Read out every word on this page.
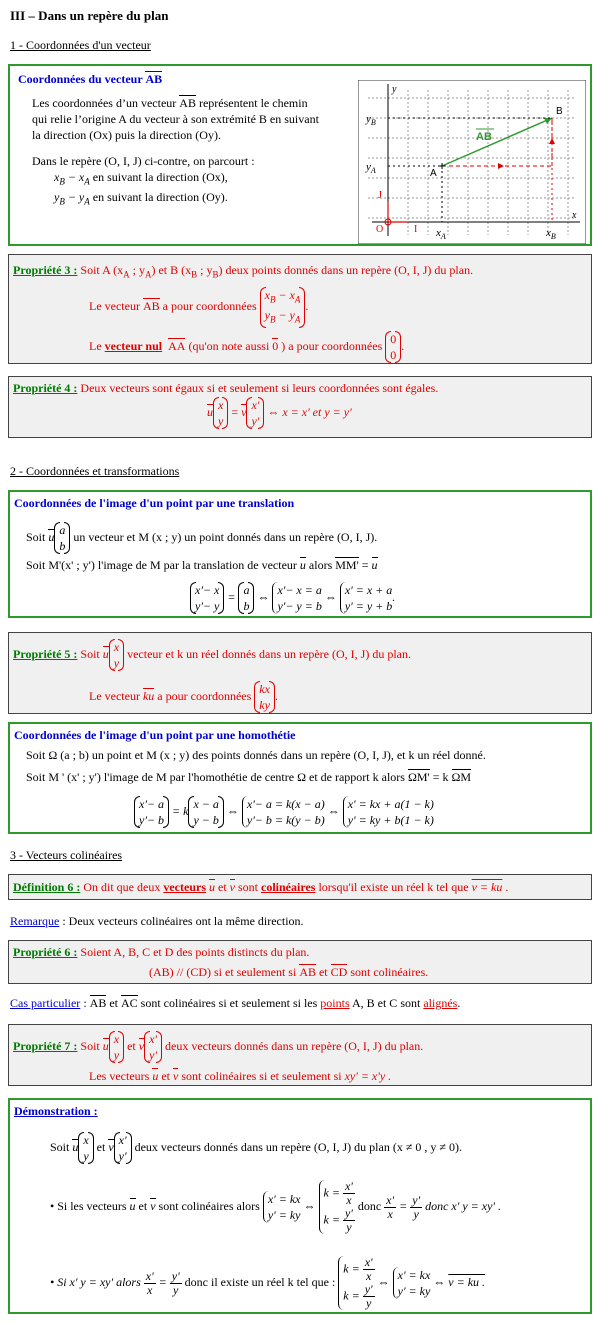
III – Dans un repère du plan
1 - Coordonnées d'un vecteur
Coordonnées du vecteur AB
Les coordonnées d’un vecteur AB représentent le chemin
qui relie l’origine A du vecteur à son extrémité B en suivant
la direction (Ox) puis la direction (Oy).
Dans le repère (O, I, J) ci-contre, on parcourt :
$x_B - x_A$ en suivant la direction (Ox),
$y_B - y_A$ en suivant la direction (Oy).
y
x
$y_B$
$y_A$
J
O	I $x_A$	$x_B$
A
B
AB
Propriété 3 : Soit A ($x_A$ ; $y_A$) et B ($x_B$ ; $y_B$) deux points donnés dans un repère (O, I, J) du plan.
Le vecteur AB a pour coordonnées
$x_B - x_A$
$y_B - y_A$
.
Le vecteur nul AA (qu'on note aussi 0 ) a pour coordonnées 0
0
.
Propriété 4 : Deux vecteurs sont égaux si et seulement si leurs coordonnées sont égales.
u x
y
= v x'
y'
⇔ x = x' et y = y'
2 - Coordonnées et transformations
Coordonnées de l'image d'un point par une translation
Soit u a
b
un vecteur et M (x ; y) un point donnés dans un repère (O, I, J).
Soit M'(x' ; y') l'image de M par la translation de vecteur u alors MM' = u
x'− x
y'− y
= a
b
⇔ x'− x = a
y'− y = b
⇔ x' = x + a
y' = y + b
.
Propriété 5 : Soit u x
y
vecteur et k un réel donnés dans un repère (O, I, J) du plan.
Le vecteur ku a pour coordonnées kx
ky
.
Coordonnées de l'image d'un point par une homothétie
Soit Ω (a ; b) un point et M (x ; y) des points donnés dans un repère (O, I, J), et k un réel donné.
Soit M ' (x' ; y') l'image de M par l'homothétie de centre Ω et de rapport k alors ΩM' = k ΩM
x'− a
y'− b
= k x − a
y − b
⇔ x'− a = k(x − a)
y'− b = k(y − b)
⇔ x' = kx + a(1 − k)
y' = ky + b(1 − k)
3 - Vecteurs colinéaires
Définition 6 : On dit que deux vecteurs u et v sont colinéaires lorsqu'il existe un réel k tel que v = ku .
Remarque : Deux vecteurs colinéaires ont la même direction.
Propriété 6 : Soient A, B, C et D des points distincts du plan.
(AB) // (CD) si et seulement si AB et CD sont colinéaires.
Cas particulier : AB et AC sont colinéaires si et seulement si les points A, B et C sont alignés.
Propriété 7 : Soit u x
y
et v x'
y'
deux vecteurs donnés dans un repère (O, I, J) du plan.
Les vecteurs u et v sont colinéaires si et seulement si xy' = x'y .
Démonstration :
Soit u x
y
et v x'
y'
deux vecteurs donnés dans un repère (O, I, J) du plan (x ≠ 0 , y ≠ 0).
• Si les vecteurs u et v sont colinéaires alors x' = kx
y' = ky
⇔
$k = \frac{x'}{x}$
$k = \frac{y'}{y}$
donc $\frac{x'}{x} = \frac{y'}{y}$ donc x' y = xy' .
• Si x' y = xy' alors $\frac{x'}{x} = \frac{y'}{y}$ donc il existe un réel k tel que :
$k = \frac{x'}{x}$
$k = \frac{y'}{y}$
⇔ x' = kx
y' = ky
⇔ v = ku .
